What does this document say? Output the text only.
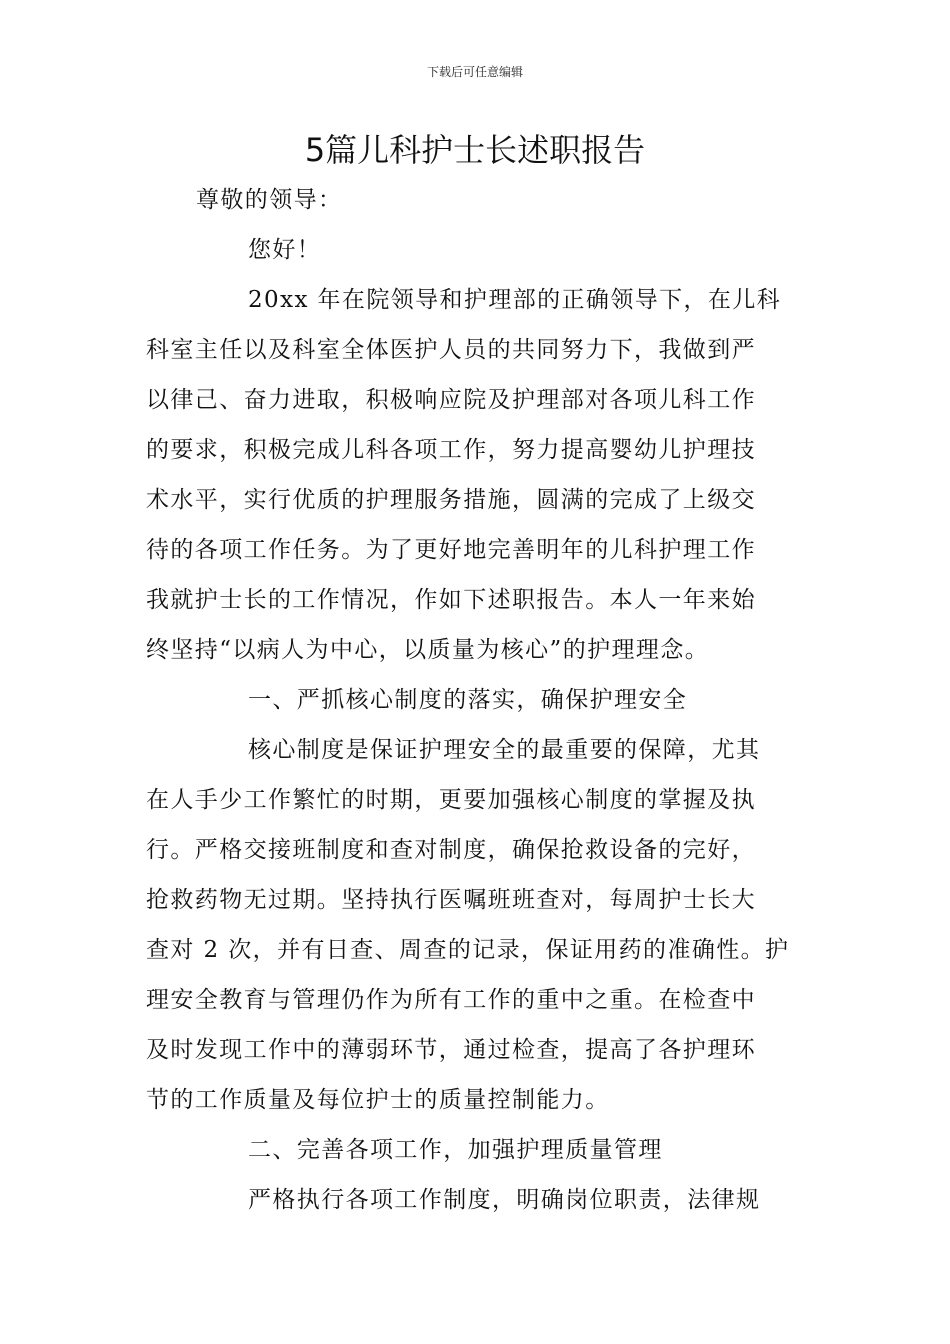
下载后可任意编辑
5篇儿科护士长述职报告
尊敬的领导：
您好！
20xx 年在院领导和护理部的正确领导下，在儿科
科室主任以及科室全体医护人员的共同努力下，我做到严
以律己、奋力进取，积极响应院及护理部对各项儿科工作
的要求，积极完成儿科各项工作，努力提高婴幼儿护理技
术水平，实行优质的护理服务措施，圆满的完成了上级交
待的各项工作任务。为了更好地完善明年的儿科护理工作
我就护士长的工作情况，作如下述职报告。本人一年来始
终坚持“以病人为中心，以质量为核心”的护理理念。
一、严抓核心制度的落实，确保护理安全
核心制度是保证护理安全的最重要的保障，尤其
在人手少工作繁忙的时期，更要加强核心制度的掌握及执
行。严格交接班制度和查对制度，确保抢救设备的完好，
抢救药物无过期。坚持执行医嘱班班查对，每周护士长大
查对 2 次，并有日查、周查的记录，保证用药的准确性。护
理安全教育与管理仍作为所有工作的重中之重。在检查中
及时发现工作中的薄弱环节，通过检查，提高了各护理环
节的工作质量及每位护士的质量控制能力。
二、完善各项工作，加强护理质量管理
严格执行各项工作制度，明确岗位职责，法律规
